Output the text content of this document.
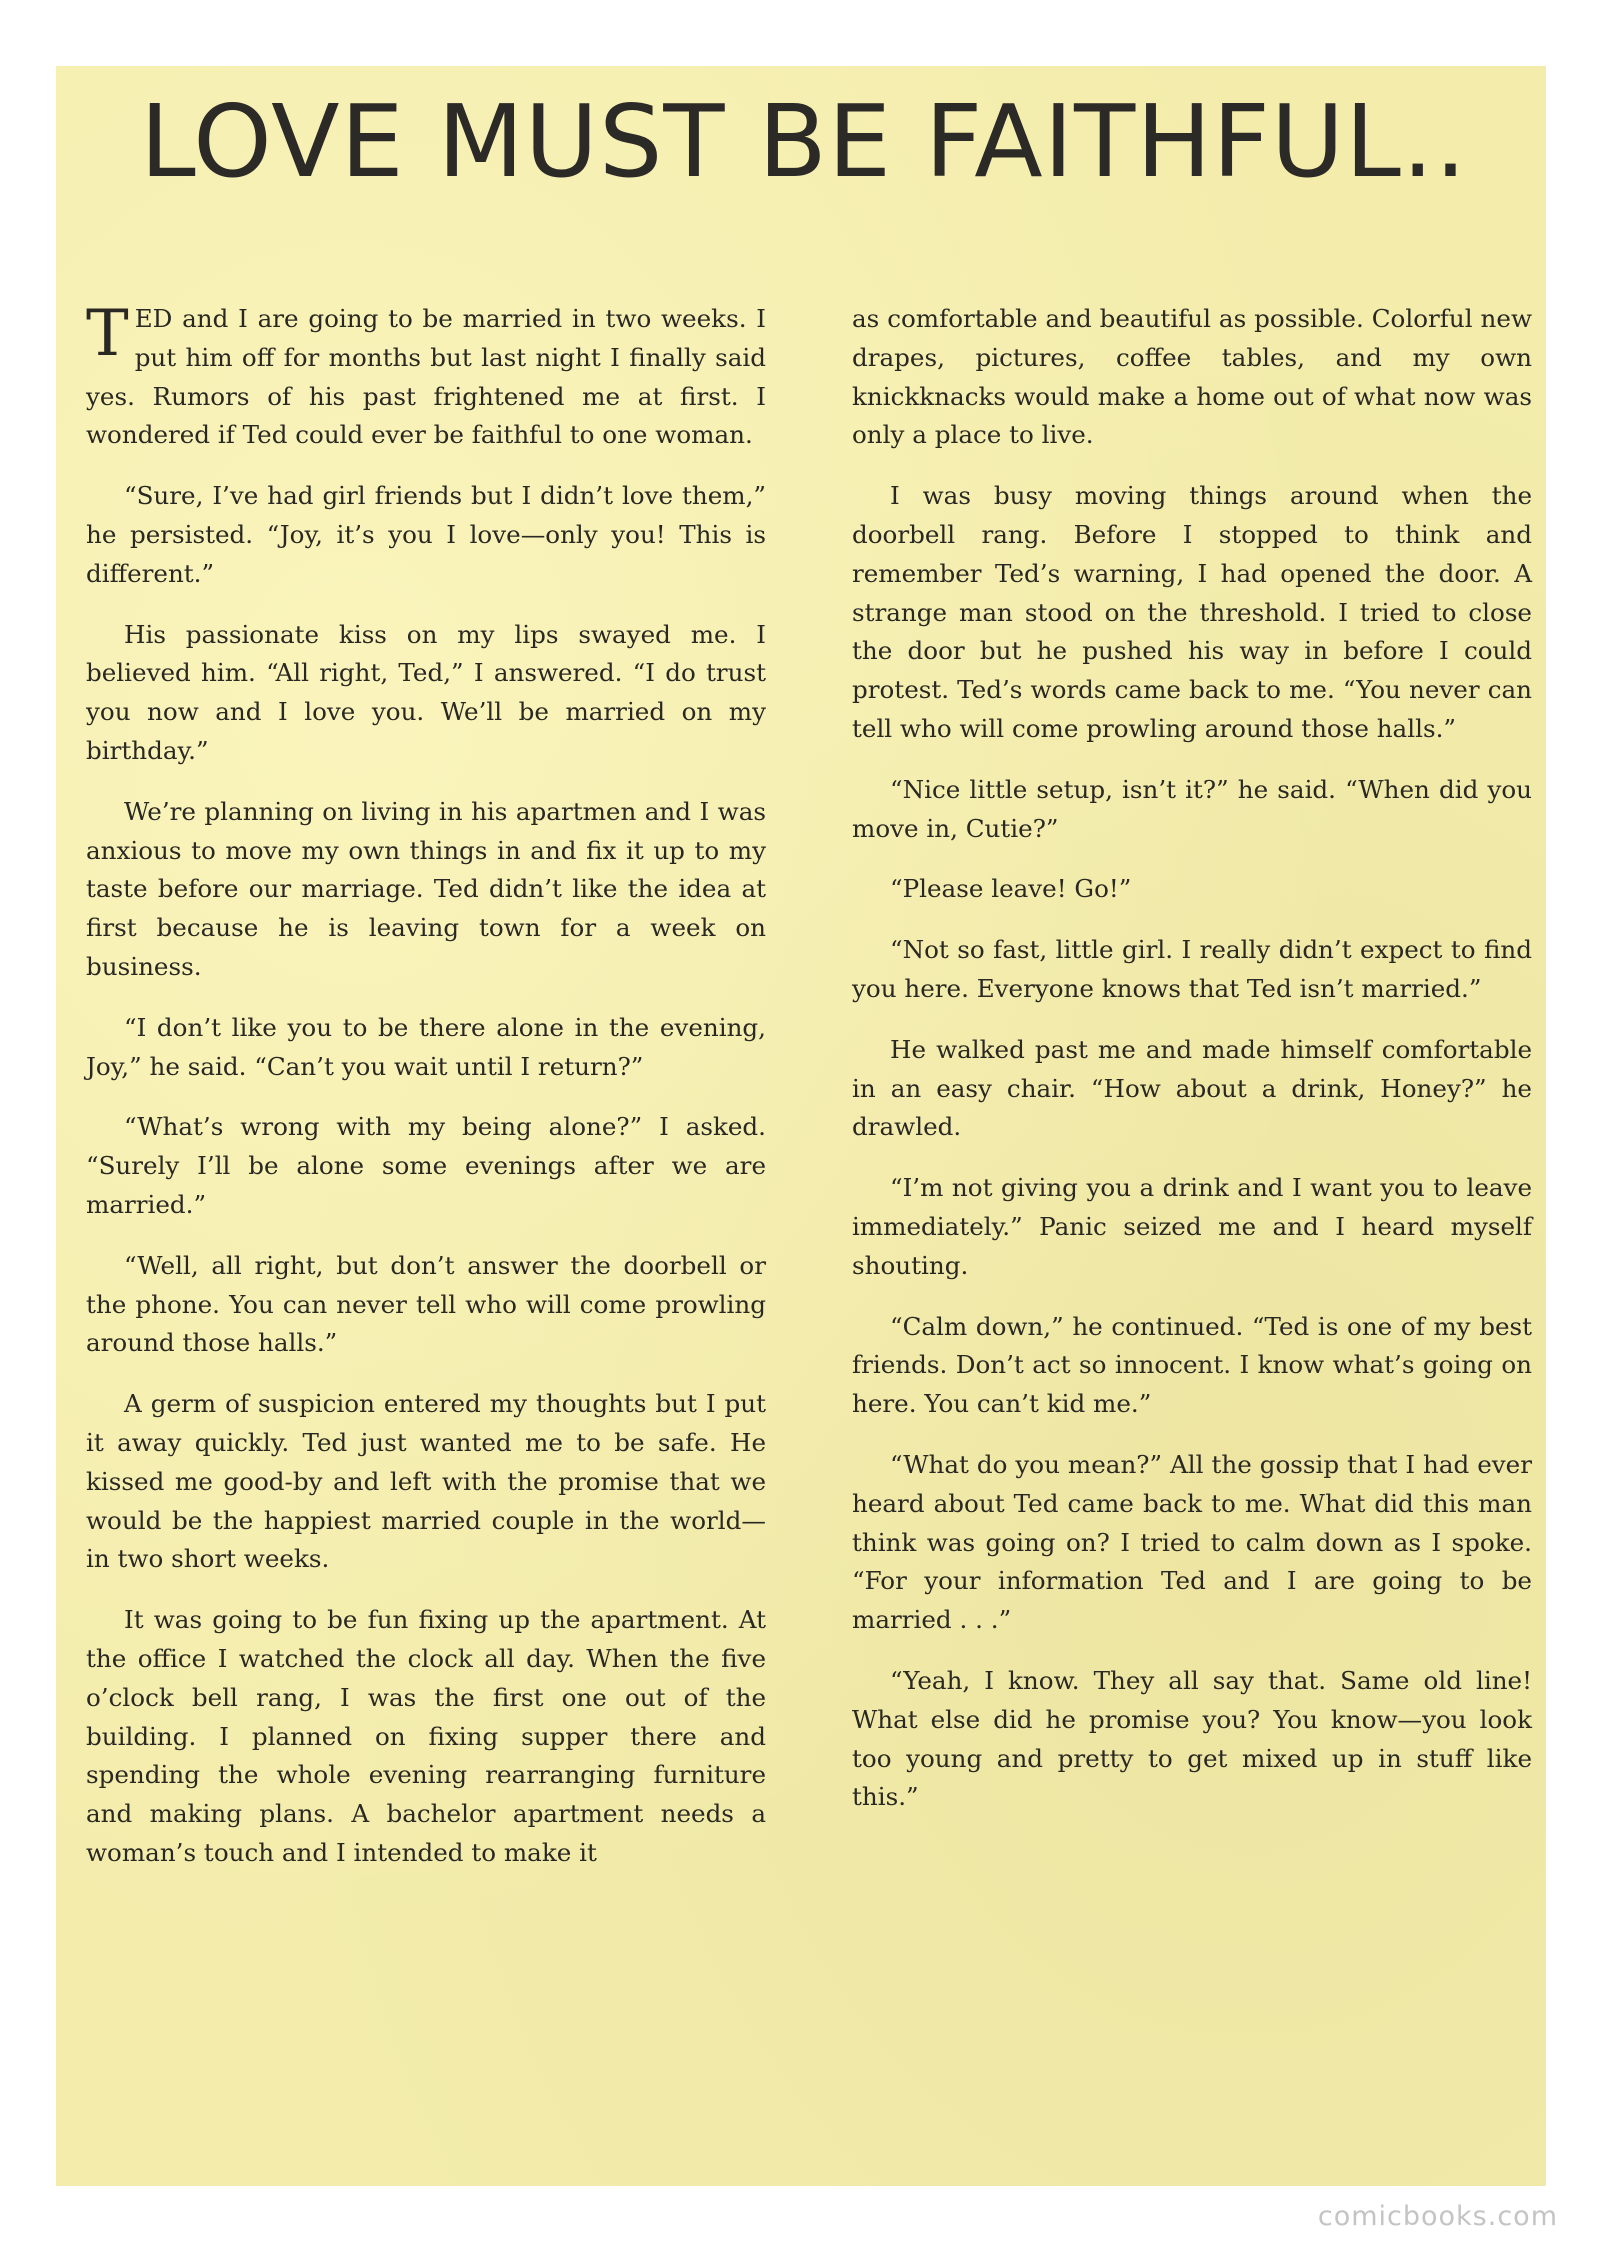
LOVE MUST BE FAITHFUL..

TED and I are going to be married in two weeks. I put him off for months but last night I finally said yes. Rumors of his past frightened me at first. I wondered if Ted could ever be faithful to one woman.

“Sure, I’ve had girl friends but I didn’t love them,” he persisted. “Joy, it’s you I love—only you! This is different.”

His passionate kiss on my lips swayed me. I believed him. “All right, Ted,” I answered. “I do trust you now and I love you. We’ll be married on my birthday.”

We’re planning on living in his apartmen and I was anxious to move my own things in and fix it up to my taste before our marriage. Ted didn’t like the idea at first because he is leaving town for a week on business.

“I don’t like you to be there alone in the evening, Joy,” he said. “Can’t you wait until I return?”

“What’s wrong with my being alone?” I asked. “Surely I’ll be alone some evenings after we are married.”

“Well, all right, but don’t answer the doorbell or the phone. You can never tell who will come prowling around those halls.”

A germ of suspicion entered my thoughts but I put it away quickly. Ted just wanted me to be safe. He kissed me good-by and left with the promise that we would be the happiest married couple in the world—in two short weeks.

It was going to be fun fixing up the apartment. At the office I watched the clock all day. When the five o’clock bell rang, I was the first one out of the building. I planned on fixing supper there and spending the whole evening rearranging furniture and making plans. A bachelor apartment needs a woman’s touch and I intended to make it

as comfortable and beautiful as possible. Colorful new drapes, pictures, coffee tables, and my own knickknacks would make a home out of what now was only a place to live.

I was busy moving things around when the doorbell rang. Before I stopped to think and remember Ted’s warning, I had opened the door. A strange man stood on the threshold. I tried to close the door but he pushed his way in before I could protest. Ted’s words came back to me. “You never can tell who will come prowling around those halls.”

“Nice little setup, isn’t it?” he said. “When did you move in, Cutie?”

“Please leave! Go!”

“Not so fast, little girl. I really didn’t expect to find you here. Everyone knows that Ted isn’t married.”

He walked past me and made himself comfortable in an easy chair. “How about a drink, Honey?” he drawled.

“I’m not giving you a drink and I want you to leave immediately.” Panic seized me and I heard myself shouting.

“Calm down,” he continued. “Ted is one of my best friends. Don’t act so innocent. I know what’s going on here. You can’t kid me.”

“What do you mean?” All the gossip that I had ever heard about Ted came back to me. What did this man think was going on? I tried to calm down as I spoke. “For your information Ted and I are going to be married . . .”

“Yeah, I know. They all say that. Same old line! What else did he promise you? You know—you look too young and pretty to get mixed up in stuff like this.”

comicbooks.com
